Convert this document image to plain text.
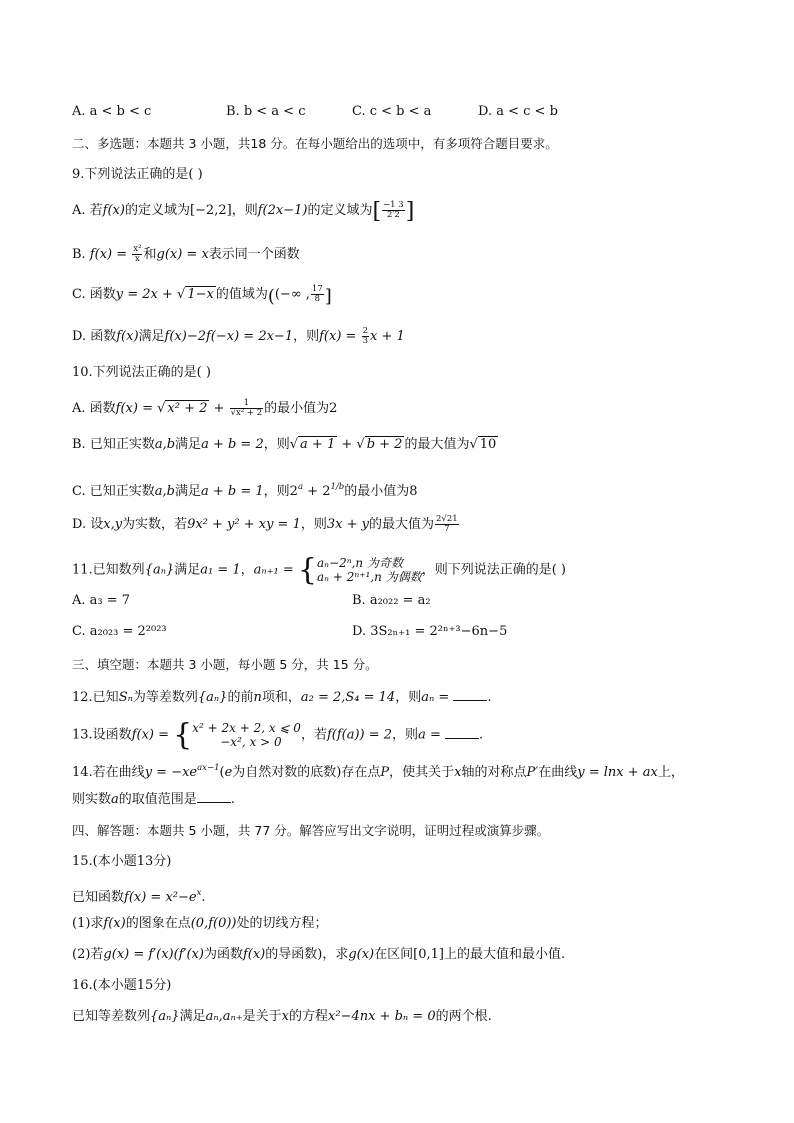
A. a < b < c	B. b < a < c	C. c < b < a	D. a < c < b
二、多选题：本题共 3 小题，共18 分。在每小题给出的选项中，有多项符合题目要求。
9.下列说法正确的是( )
A. 若f(x)的定义域为[−2,2]，则f(2x−1)的定义域为[ $\frac{-1 3}{2'2}$ ]
B. $f(x) = \frac{\text{x²}}{x}$ 和g(x) = x表示同一个函数
C. 函数y = 2x + √ 1−x 的值域为((−∞ , $\frac{17}{8}$ ]
D. 函数f(x)满足f(x)−2f(−x) = 2x−1，则$f(x) = \frac{2}{3}$ x + 1
10.下列说法正确的是( )
A. 函数f(x) = √ $x^2 + 2 + \frac{1}{\text{√x² + 2}}$ 的最小值为2
B. 已知正实数a,b满足a + b = 2，则√ a + 1 + √ b + 2 的最大值为√ 10
C. 已知正实数a,b满足a + b = 1，则$2^a + 2^{1/b}$的最小值为8
D. 设x,y为实数，若9x² + y² + xy = 1，则3x + y的最大值为 $\frac{2√21}{7}$
11.已知数列{aₙ}满足a₁ = 1，aₙ₊₁ = { aₙ−2ⁿ,n 为奇数
aₙ + 2ⁿ⁺¹,n 为偶数 ，则下列说法正确的是( )
A. a₃ = 7	B. a₂₀₂₂ = a₂
C. a₂₀₂₃ = 2²⁰²³	D. 3S₂ₙ₊₁ = 2²ⁿ⁺³−6n−5
三、填空题：本题共 3 小题，每小题 5 分，共 15 分。
12.已知Sₙ为等差数列{aₙ}的前n项和，a₂ = 2,S₄ = 14，则aₙ =	.
13.设函数f(x) = { x² + 2x + 2, x ⩽ 0
−x², x > 0	，若f(f(a)) = 2，则a =	.
14.若在曲线$y = -xe^{ax-1}(e$为自然对数的底数)存在点P，使其关于x轴的对称点P′在曲线y = lnx + ax上，
则实数a的取值范围是	.
四、解答题：本题共 5 小题，共 77 分。解答应写出文字说明，证明过程或演算步骤。
15.(本小题13分)
已知函数$f(x) = x^2-e^x$.
(1)求f(x)的图象在点(0,f(0))处的切线方程；
(2)若g(x) = f′(x)(f′(x)为函数f(x)的导函数)，求g(x)在区间[0,1]上的最大值和最小值.
16.(本小题15分)
已知等差数列{aₙ}满足aₙ,aₙ₊是关于x的方程x²−4nx + bₙ = 0的两个根.
